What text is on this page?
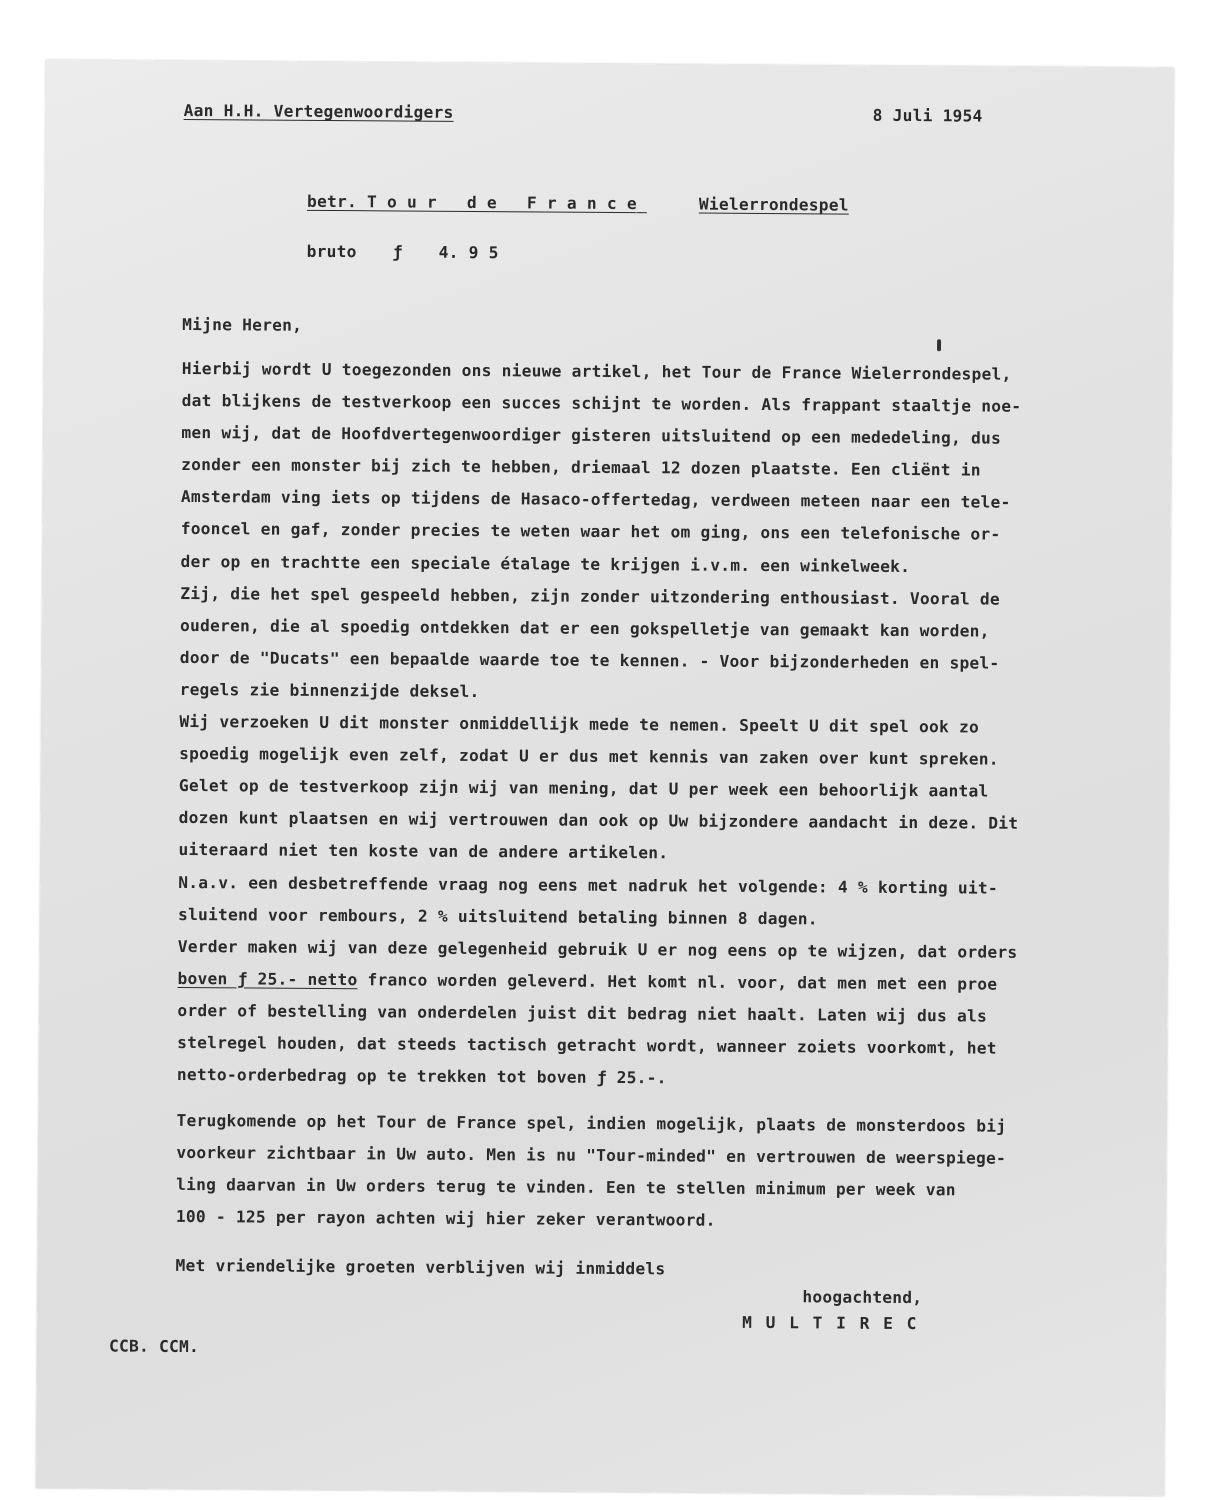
Aan H.H. Vertegenwoordigers	8 Juli 1954
betr. T o u r   d e   F r a n c e	Wielerrondespel
bruto ƒ 4. 9 5
Mijne Heren,
Hierbij wordt U toegezonden ons nieuwe artikel, het Tour de France Wielerrondespel,
dat blijkens de testverkoop een succes schijnt te worden. Als frappant staaltje noe-
men wij, dat de Hoofdvertegenwoordiger gisteren uitsluitend op een mededeling, dus
zonder een monster bij zich te hebben, driemaal 12 dozen plaatste. Een cliënt in
Amsterdam ving iets op tijdens de Hasaco-offertedag, verdween meteen naar een tele-
fooncel en gaf, zonder precies te weten waar het om ging, ons een telefonische or-
der op en trachtte een speciale étalage te krijgen i.v.m. een winkelweek.
Zij, die het spel gespeeld hebben, zijn zonder uitzondering enthousiast. Vooral de
ouderen, die al spoedig ontdekken dat er een gokspelletje van gemaakt kan worden,
door de "Ducats" een bepaalde waarde toe te kennen. - Voor bijzonderheden en spel-
regels zie binnenzijde deksel.
Wij verzoeken U dit monster onmiddellijk mede te nemen. Speelt U dit spel ook zo
spoedig mogelijk even zelf, zodat U er dus met kennis van zaken over kunt spreken.
Gelet op de testverkoop zijn wij van mening, dat U per week een behoorlijk aantal
dozen kunt plaatsen en wij vertrouwen dan ook op Uw bijzondere aandacht in deze. Dit
uiteraard niet ten koste van de andere artikelen.
N.a.v. een desbetreffende vraag nog eens met nadruk het volgende: 4 % korting uit-
sluitend voor rembours, 2 % uitsluitend betaling binnen 8 dagen.
Verder maken wij van deze gelegenheid gebruik U er nog eens op te wijzen, dat orders
boven ƒ 25.- netto franco worden geleverd. Het komt nl. voor, dat men met een proe
order of bestelling van onderdelen juist dit bedrag niet haalt. Laten wij dus als
stelregel houden, dat steeds tactisch getracht wordt, wanneer zoiets voorkomt, het
netto-orderbedrag op te trekken tot boven ƒ 25.-.
Terugkomende op het Tour de France spel, indien mogelijk, plaats de monsterdoos bij
voorkeur zichtbaar in Uw auto. Men is nu "Tour-minded" en vertrouwen de weerspiege-
ling daarvan in Uw orders terug te vinden. Een te stellen minimum per week van
100 - 125 per rayon achten wij hier zeker verantwoord.
Met vriendelijke groeten verblijven wij inmiddels
hoogachtend,
M U L T I R E C
CCB. CCM.
